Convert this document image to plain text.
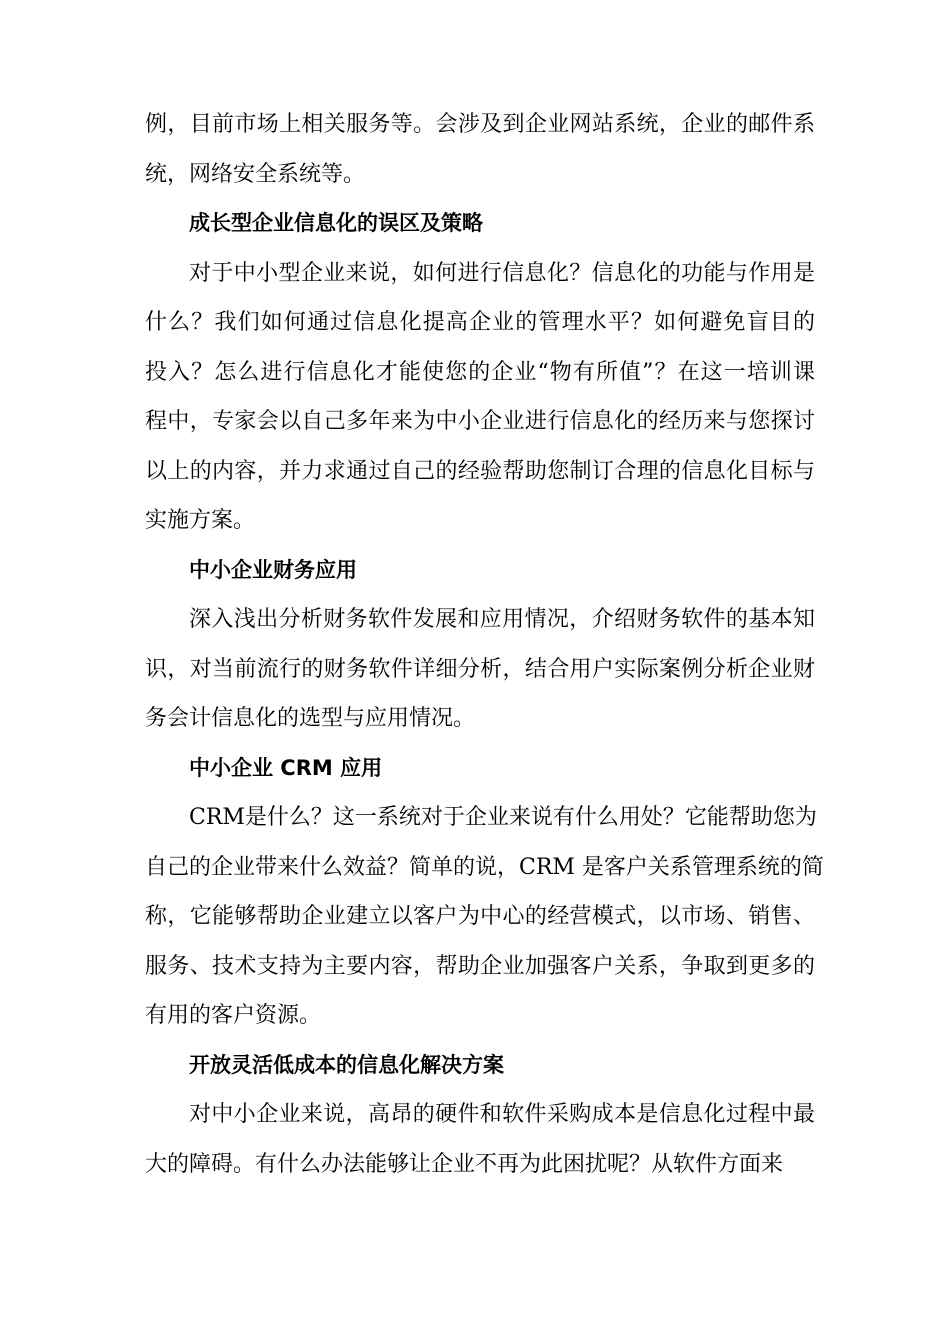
例，目前市场上相关服务等。会涉及到企业网站系统，企业的邮件系
统，网络安全系统等。
成长型企业信息化的误区及策略
对于中小型企业来说，如何进行信息化？信息化的功能与作用是
什么？我们如何通过信息化提高企业的管理水平？如何避免盲目的
投入？怎么进行信息化才能使您的企业“物有所值”？在这一培训课
程中，专家会以自己多年来为中小企业进行信息化的经历来与您探讨
以上的内容，并力求通过自己的经验帮助您制订合理的信息化目标与
实施方案。
中小企业财务应用
深入浅出分析财务软件发展和应用情况，介绍财务软件的基本知
识，对当前流行的财务软件详细分析，结合用户实际案例分析企业财
务会计信息化的选型与应用情况。
中小企业 CRM 应用
CRM是什么？这一系统对于企业来说有什么用处？它能帮助您为
自己的企业带来什么效益？简单的说，CRM 是客户关系管理系统的简
称，它能够帮助企业建立以客户为中心的经营模式，以市场、销售、
服务、技术支持为主要内容，帮助企业加强客户关系，争取到更多的
有用的客户资源。
开放灵活低成本的信息化解决方案
对中小企业来说，高昂的硬件和软件采购成本是信息化过程中最
大的障碍。有什么办法能够让企业不再为此困扰呢？从软件方面来
